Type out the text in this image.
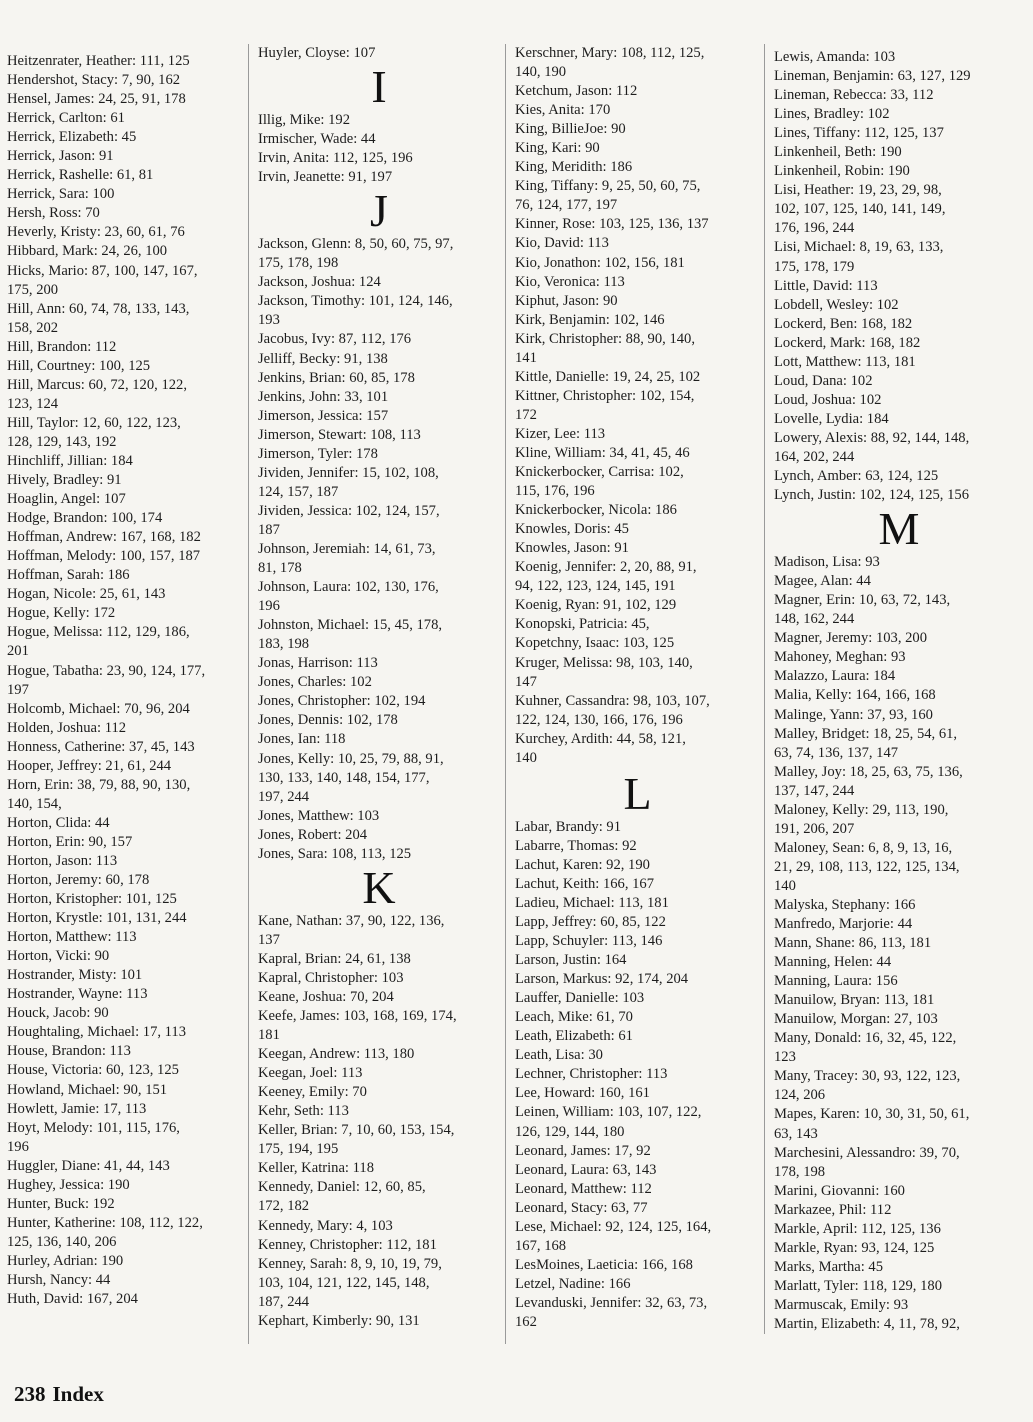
Heitzenrater, Heather: 111, 125
Hendershot, Stacy: 7, 90, 162
Hensel, James: 24, 25, 91, 178
Herrick, Carlton: 61
Herrick, Elizabeth: 45
Herrick, Jason: 91
Herrick, Rashelle: 61, 81
Herrick, Sara: 100
Hersh, Ross: 70
Heverly, Kristy: 23, 60, 61, 76
Hibbard, Mark: 24, 26, 100
Hicks, Mario: 87, 100, 147, 167,
175, 200
Hill, Ann: 60, 74, 78, 133, 143,
158, 202
Hill, Brandon: 112
Hill, Courtney: 100, 125
Hill, Marcus: 60, 72, 120, 122,
123, 124
Hill, Taylor: 12, 60, 122, 123,
128, 129, 143, 192
Hinchliff, Jillian: 184
Hively, Bradley: 91
Hoaglin, Angel: 107
Hodge, Brandon: 100, 174
Hoffman, Andrew: 167, 168, 182
Hoffman, Melody: 100, 157, 187
Hoffman, Sarah: 186
Hogan, Nicole: 25, 61, 143
Hogue, Kelly: 172
Hogue, Melissa: 112, 129, 186,
201
Hogue, Tabatha: 23, 90, 124, 177,
197
Holcomb, Michael: 70, 96, 204
Holden, Joshua: 112
Honness, Catherine: 37, 45, 143
Hooper, Jeffrey: 21, 61, 244
Horn, Erin: 38, 79, 88, 90, 130,
140, 154,
Horton, Clida: 44
Horton, Erin: 90, 157
Horton, Jason: 113
Horton, Jeremy: 60, 178
Horton, Kristopher: 101, 125
Horton, Krystle: 101, 131, 244
Horton, Matthew: 113
Horton, Vicki: 90
Hostrander, Misty: 101
Hostrander, Wayne: 113
Houck, Jacob: 90
Houghtaling, Michael: 17, 113
House, Brandon: 113
House, Victoria: 60, 123, 125
Howland, Michael: 90, 151
Howlett, Jamie: 17, 113
Hoyt, Melody: 101, 115, 176,
196
Huggler, Diane: 41, 44, 143
Hughey, Jessica: 190
Hunter, Buck: 192
Hunter, Katherine: 108, 112, 122,
125, 136, 140, 206
Hurley, Adrian: 190
Hursh, Nancy: 44
Huth, David: 167, 204
Huyler, Cloyse: 107
I
Illig, Mike: 192
Irmischer, Wade: 44
Irvin, Anita: 112, 125, 196
Irvin, Jeanette: 91, 197
J
Jackson, Glenn: 8, 50, 60, 75, 97,
175, 178, 198
Jackson, Joshua: 124
Jackson, Timothy: 101, 124, 146,
193
Jacobus, Ivy: 87, 112, 176
Jelliff, Becky: 91, 138
Jenkins, Brian: 60, 85, 178
Jenkins, John: 33, 101
Jimerson, Jessica: 157
Jimerson, Stewart: 108, 113
Jimerson, Tyler: 178
Jividen, Jennifer: 15, 102, 108,
124, 157, 187
Jividen, Jessica: 102, 124, 157,
187
Johnson, Jeremiah: 14, 61, 73,
81, 178
Johnson, Laura: 102, 130, 176,
196
Johnston, Michael: 15, 45, 178,
183, 198
Jonas, Harrison: 113
Jones, Charles: 102
Jones, Christopher: 102, 194
Jones, Dennis: 102, 178
Jones, Ian: 118
Jones, Kelly: 10, 25, 79, 88, 91,
130, 133, 140, 148, 154, 177,
197, 244
Jones, Matthew: 103
Jones, Robert: 204
Jones, Sara: 108, 113, 125
K
Kane, Nathan: 37, 90, 122, 136,
137
Kapral, Brian: 24, 61, 138
Kapral, Christopher: 103
Keane, Joshua: 70, 204
Keefe, James: 103, 168, 169, 174,
181
Keegan, Andrew: 113, 180
Keegan, Joel: 113
Keeney, Emily: 70
Kehr, Seth: 113
Keller, Brian: 7, 10, 60, 153, 154,
175, 194, 195
Keller, Katrina: 118
Kennedy, Daniel: 12, 60, 85,
172, 182
Kennedy, Mary: 4, 103
Kenney, Christopher: 112, 181
Kenney, Sarah: 8, 9, 10, 19, 79,
103, 104, 121, 122, 145, 148,
187, 244
Kephart, Kimberly: 90, 131
Kerschner, Mary: 108, 112, 125,
140, 190
Ketchum, Jason: 112
Kies, Anita: 170
King, BillieJoe: 90
King, Kari: 90
King, Meridith: 186
King, Tiffany: 9, 25, 50, 60, 75,
76, 124, 177, 197
Kinner, Rose: 103, 125, 136, 137
Kio, David: 113
Kio, Jonathon: 102, 156, 181
Kio, Veronica: 113
Kiphut, Jason: 90
Kirk, Benjamin: 102, 146
Kirk, Christopher: 88, 90, 140,
141
Kittle, Danielle: 19, 24, 25, 102
Kittner, Christopher: 102, 154,
172
Kizer, Lee: 113
Kline, William: 34, 41, 45, 46
Knickerbocker, Carrisa: 102,
115, 176, 196
Knickerbocker, Nicola: 186
Knowles, Doris: 45
Knowles, Jason: 91
Koenig, Jennifer: 2, 20, 88, 91,
94, 122, 123, 124, 145, 191
Koenig, Ryan: 91, 102, 129
Konopski, Patricia: 45,
Kopetchny, Isaac: 103, 125
Kruger, Melissa: 98, 103, 140,
147
Kuhner, Cassandra: 98, 103, 107,
122, 124, 130, 166, 176, 196
Kurchey, Ardith: 44, 58, 121,
140
L
Labar, Brandy: 91
Labarre, Thomas: 92
Lachut, Karen: 92, 190
Lachut, Keith: 166, 167
Ladieu, Michael: 113, 181
Lapp, Jeffrey: 60, 85, 122
Lapp, Schuyler: 113, 146
Larson, Justin: 164
Larson, Markus: 92, 174, 204
Lauffer, Danielle: 103
Leach, Mike: 61, 70
Leath, Elizabeth: 61
Leath, Lisa: 30
Lechner, Christopher: 113
Lee, Howard: 160, 161
Leinen, William: 103, 107, 122,
126, 129, 144, 180
Leonard, James: 17, 92
Leonard, Laura: 63, 143
Leonard, Matthew: 112
Leonard, Stacy: 63, 77
Lese, Michael: 92, 124, 125, 164,
167, 168
LesMoines, Laeticia: 166, 168
Letzel, Nadine: 166
Levanduski, Jennifer: 32, 63, 73,
162
Lewis, Amanda: 103
Lineman, Benjamin: 63, 127, 129
Lineman, Rebecca: 33, 112
Lines, Bradley: 102
Lines, Tiffany: 112, 125, 137
Linkenheil, Beth: 190
Linkenheil, Robin: 190
Lisi, Heather: 19, 23, 29, 98,
102, 107, 125, 140, 141, 149,
176, 196, 244
Lisi, Michael: 8, 19, 63, 133,
175, 178, 179
Little, David: 113
Lobdell, Wesley: 102
Lockerd, Ben: 168, 182
Lockerd, Mark: 168, 182
Lott, Matthew: 113, 181
Loud, Dana: 102
Loud, Joshua: 102
Lovelle, Lydia: 184
Lowery, Alexis: 88, 92, 144, 148,
164, 202, 244
Lynch, Amber: 63, 124, 125
Lynch, Justin: 102, 124, 125, 156
M
Madison, Lisa: 93
Magee, Alan: 44
Magner, Erin: 10, 63, 72, 143,
148, 162, 244
Magner, Jeremy: 103, 200
Mahoney, Meghan: 93
Malazzo, Laura: 184
Malia, Kelly: 164, 166, 168
Malinge, Yann: 37, 93, 160
Malley, Bridget: 18, 25, 54, 61,
63, 74, 136, 137, 147
Malley, Joy: 18, 25, 63, 75, 136,
137, 147, 244
Maloney, Kelly: 29, 113, 190,
191, 206, 207
Maloney, Sean: 6, 8, 9, 13, 16,
21, 29, 108, 113, 122, 125, 134,
140
Malyska, Stephany: 166
Manfredo, Marjorie: 44
Mann, Shane: 86, 113, 181
Manning, Helen: 44
Manning, Laura: 156
Manuilow, Bryan: 113, 181
Manuilow, Morgan: 27, 103
Many, Donald: 16, 32, 45, 122,
123
Many, Tracey: 30, 93, 122, 123,
124, 206
Mapes, Karen: 10, 30, 31, 50, 61,
63, 143
Marchesini, Alessandro: 39, 70,
178, 198
Marini, Giovanni: 160
Markazee, Phil: 112
Markle, April: 112, 125, 136
Markle, Ryan: 93, 124, 125
Marks, Martha: 45
Marlatt, Tyler: 118, 129, 180
Marmuscak, Emily: 93
Martin, Elizabeth: 4, 11, 78, 92,
238 Index
